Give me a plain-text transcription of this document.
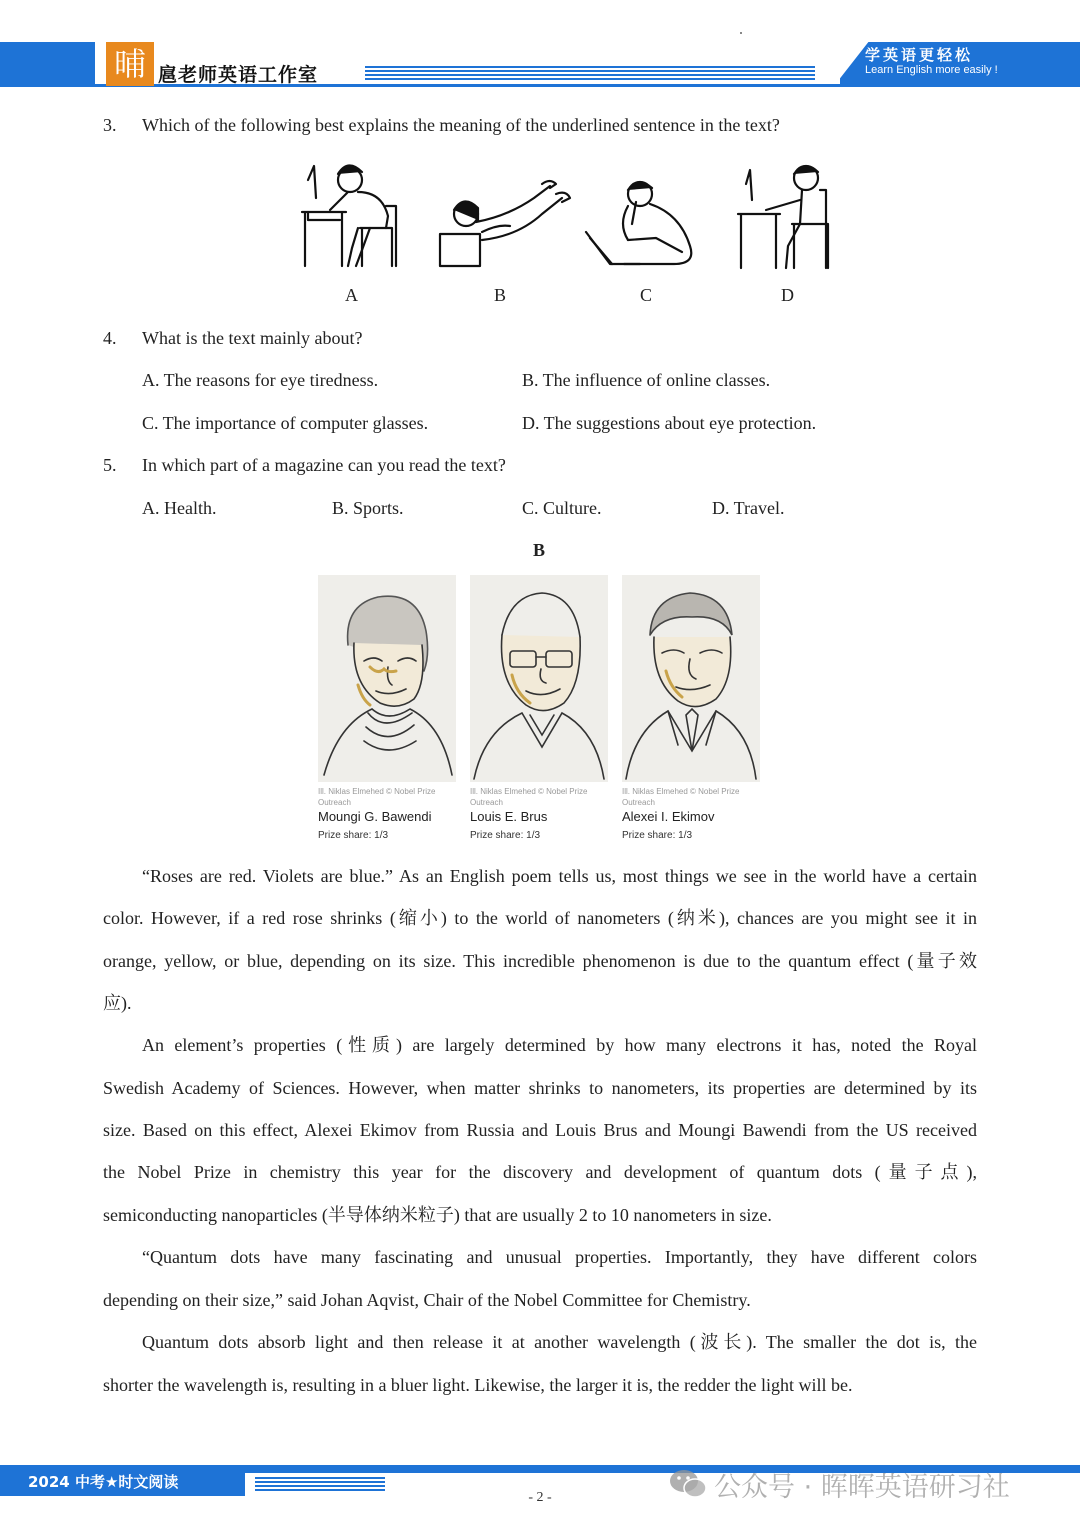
晡 扈老师英语工作室
学英语更轻松
Learn English more easily !
3. Which of the following best explains the meaning of the underlined sentence in the text?
A	B	C	D
4. What is the text mainly about?
A. The reasons for eye tiredness.	B. The influence of online classes.
C. The importance of computer glasses.	D. The suggestions about eye protection.
5. In which part of a magazine can you read the text?
A. Health.	B. Sports.	C. Culture.	D. Travel.
B
Ill. Niklas Elmehed © Nobel Prize
Outreach
Moungi G. Bawendi
Prize share: 1/3
Ill. Niklas Elmehed © Nobel Prize
Outreach
Louis E. Brus
Prize share: 1/3
Ill. Niklas Elmehed © Nobel Prize
Outreach
Alexei I. Ekimov
Prize share: 1/3
“Roses are red. Violets are blue.” As an English poem tells us, most things we see in the world have a certain
color. However, if a red rose shrinks (缩小) to the world of nanometers (纳米), chances are you might see it in
orange, yellow, or blue, depending on its size. This incredible phenomenon is due to the quantum effect (量子效
应).
An element’s properties (性质) are largely determined by how many electrons it has, noted the Royal
Swedish Academy of Sciences. However, when matter shrinks to nanometers, its properties are determined by its
size. Based on this effect, Alexei Ekimov from Russia and Louis Brus and Moungi Bawendi from the US received
the Nobel Prize in chemistry this year for the discovery and development of quantum dots (量子点),
semiconducting nanoparticles (半导体纳米粒子) that are usually 2 to 10 nanometers in size.
“Quantum dots have many fascinating and unusual properties. Importantly, they have different colors
depending on their size,” said Johan Aqvist, Chair of the Nobel Committee for Chemistry.
Quantum dots absorb light and then release it at another wavelength (波长). The smaller the dot is, the
shorter the wavelength is, resulting in a bluer light. Likewise, the larger it is, the redder the light will be.
2024 中考★时文阅读	公众号 · 晖晖英语研习社
- 2 -
